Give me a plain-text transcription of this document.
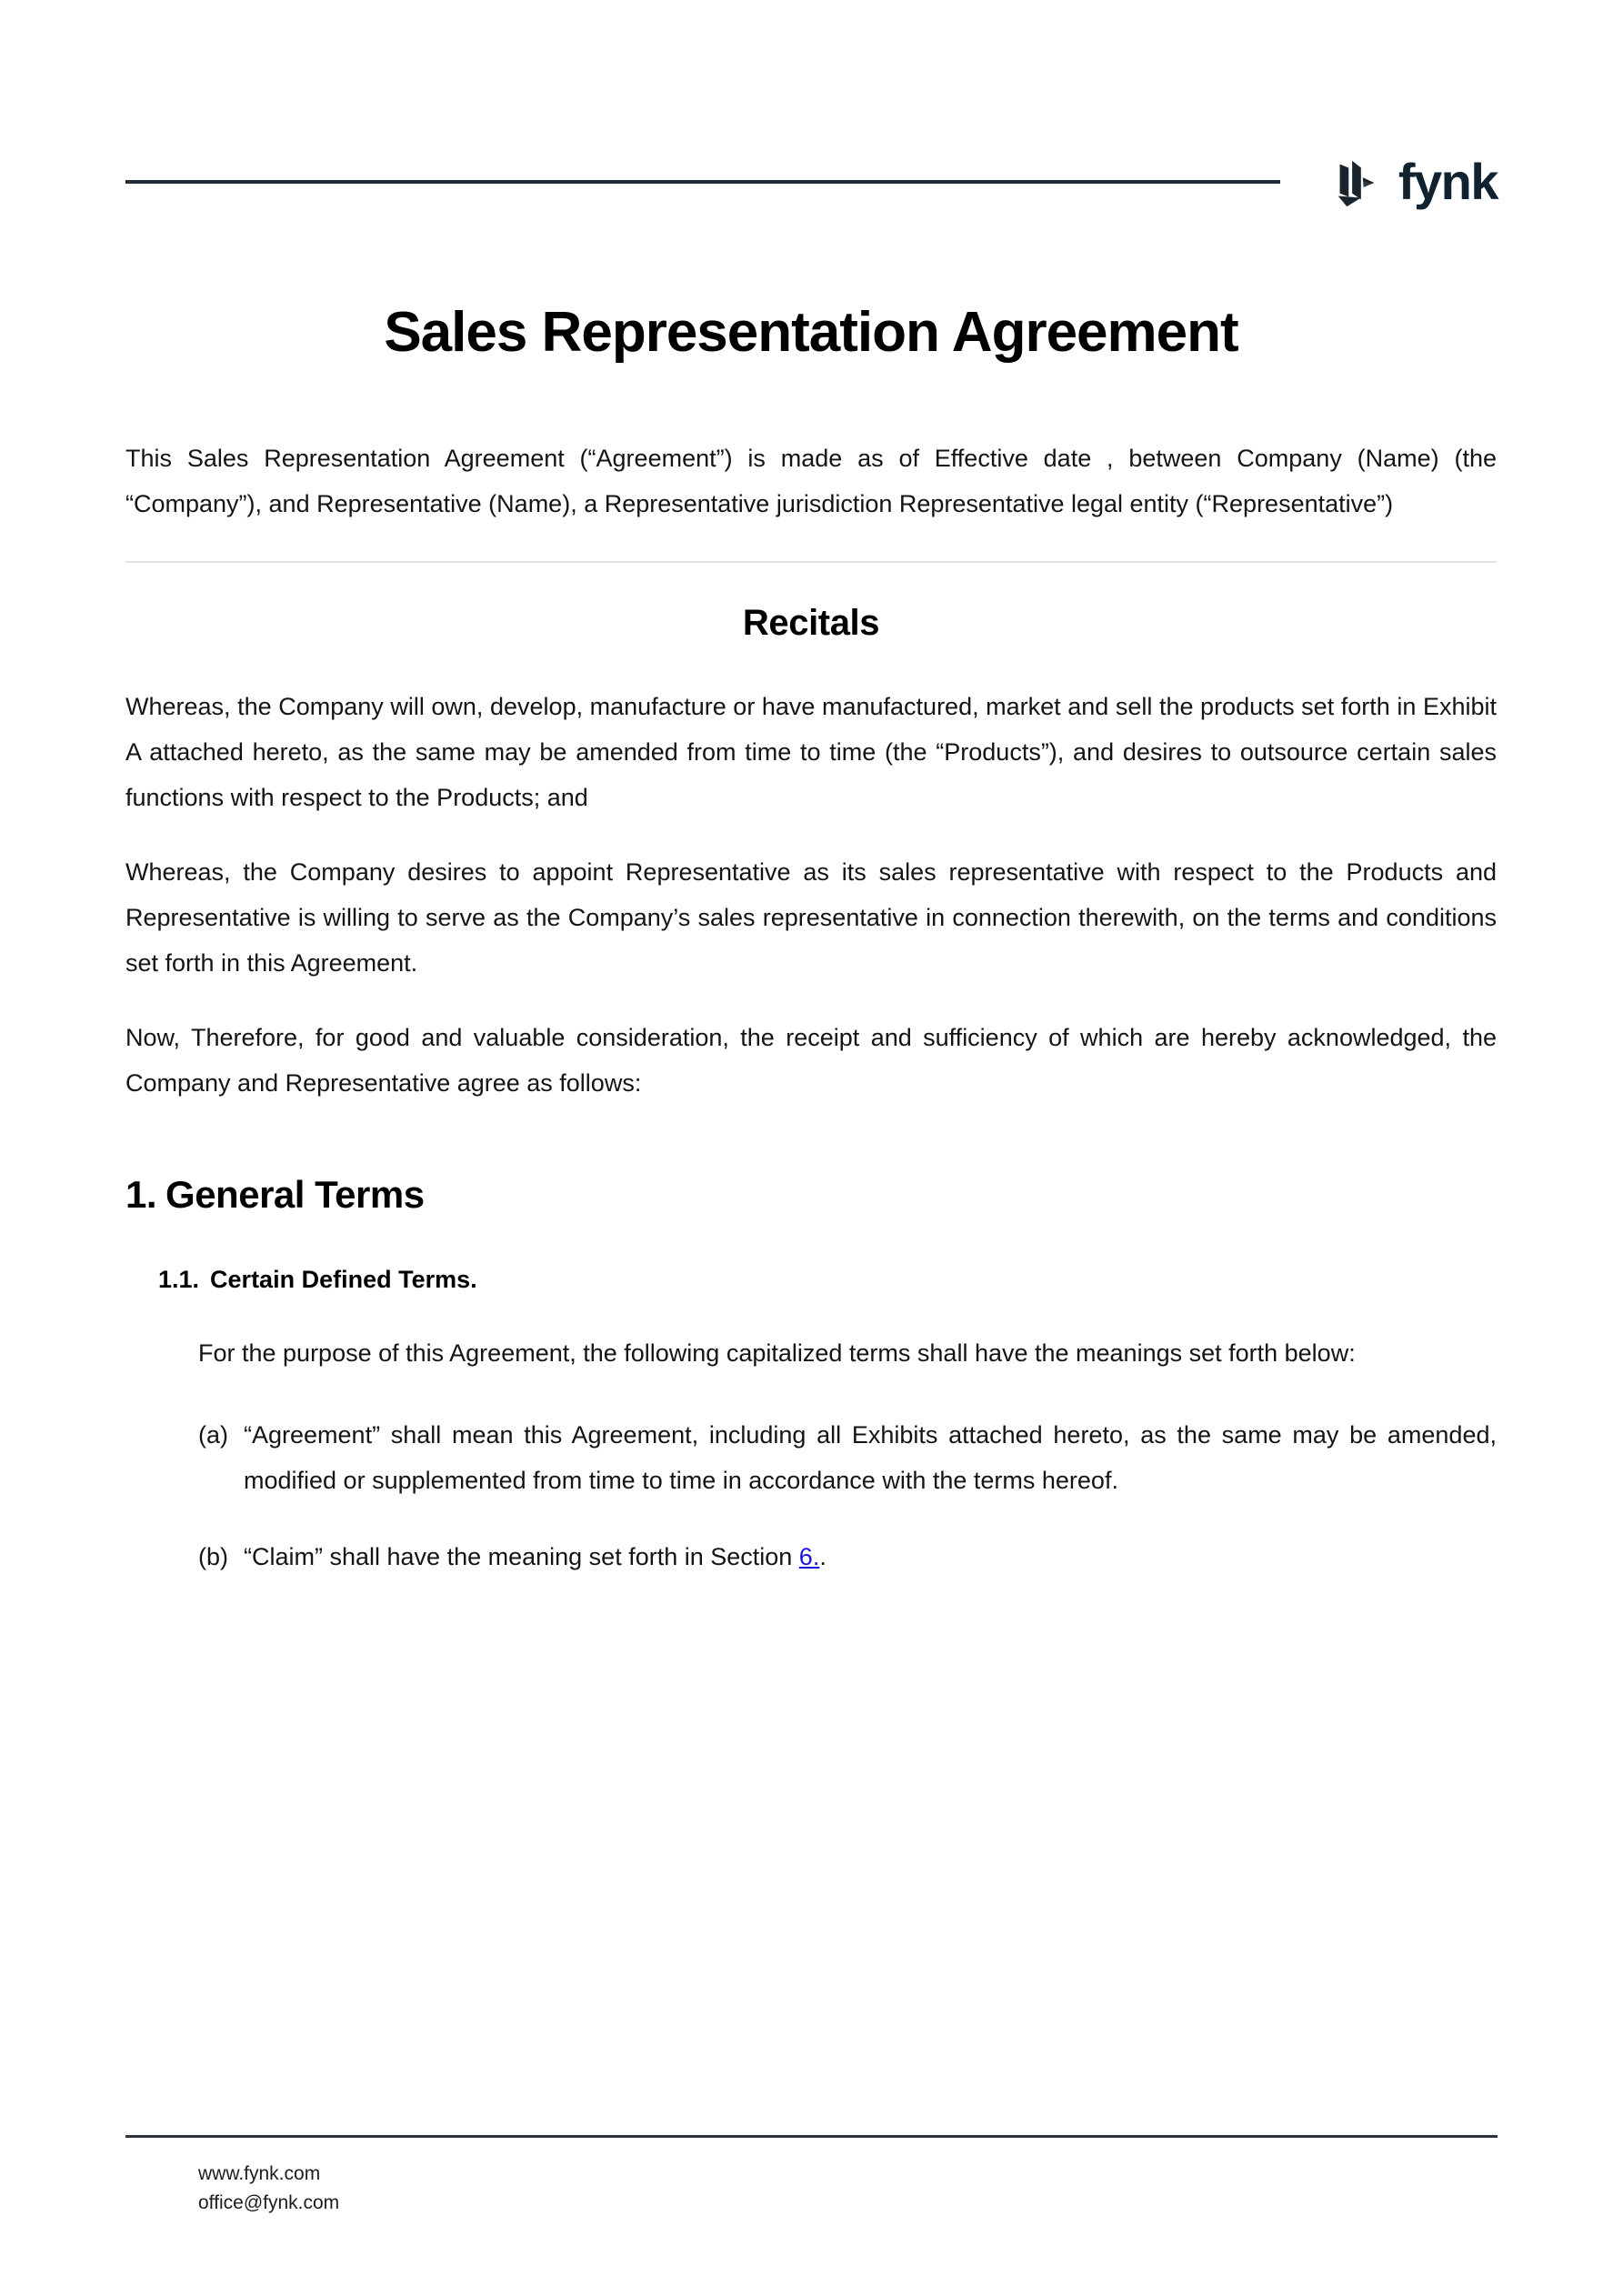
fynk
Sales Representation Agreement

This Sales Representation Agreement (“Agreement”) is made as of Effective date , between Company (Name) (the “Company”), and Representative (Name), a Representative jurisdiction Representative legal entity (“Representative”)

Recitals

Whereas, the Company will own, develop, manufacture or have manufactured, market and sell the products set forth in Exhibit A attached hereto, as the same may be amended from time to time (the “Products”), and desires to outsource certain sales functions with respect to the Products; and

Whereas, the Company desires to appoint Representative as its sales representative with respect to the Products and Representative is willing to serve as the Company’s sales representative in connection therewith, on the terms and conditions set forth in this Agreement.

Now, Therefore, for good and valuable consideration, the receipt and sufficiency of which are hereby acknowledged, the Company and Representative agree as follows:

1. General Terms
1.1. Certain Defined Terms.

For the purpose of this Agreement, the following capitalized terms shall have the meanings set forth below:

(a) “Agreement” shall mean this Agreement, including all Exhibits attached hereto, as the same may be amended, modified or supplemented from time to time in accordance with the terms hereof.
(b) “Claim” shall have the meaning set forth in Section 6..
www.fynk.com
office@fynk.com
